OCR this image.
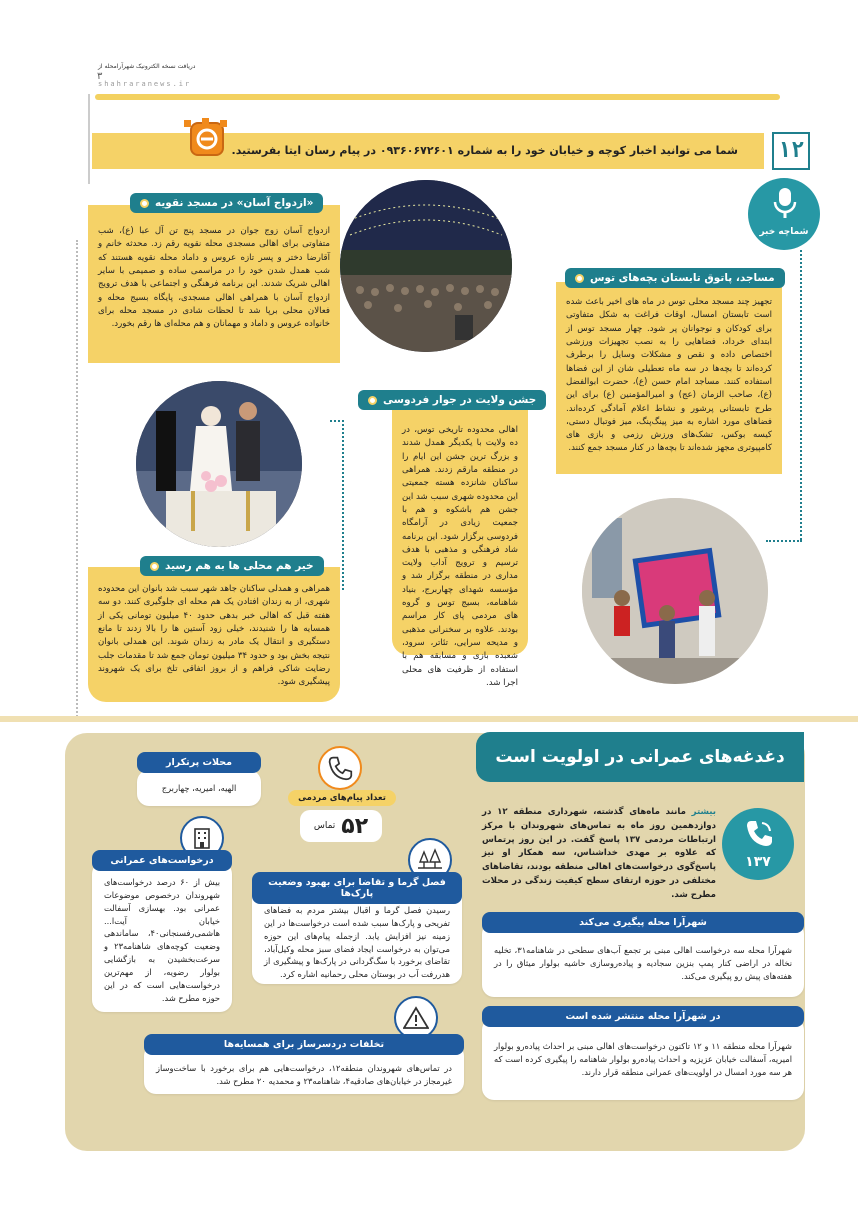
دریافت نسخه الکترونیک شهرآرامحله از
shahraranews.ir
۳
شما می توانید اخبار کوچه و خیابان خود را به شماره ۰۹۳۶۰۶۷۲۶۰۱ در پیام رسان ایتا بفرستید. ۱۲
شماچه خبر
ازدواج آسان زوج جوان در مسجد پنج تن آل عبا (ع)، شب متفاوتی برای اهالی مسجدی محله نقویه رقم زد. محدثه خانم و آقارضا دختر و پسر تازه عروس و داماد محله نقویه هستند که شب همدل شدن خود را در مراسمی ساده و صمیمی با سایر اهالی شریک شدند. این برنامه فرهنگی و اجتماعی با هدف ترویج ازدواج آسان با همراهی اهالی مسجدی، پایگاه بسیج محله و فعالان محلی برپا شد تا لحظات شادی در مسجد محله برای خانواده عروس و داماد و مهمانان و هم محله‌ای ها رقم بخورد.
«ازدواج آسان» در مسجد نقویه
تجهیز چند مسجد محلی توس در ماه های اخیر باعث شده است تابستان امسال، اوقات فراغت به شکل متفاوتی برای کودکان و نوجوانان پر شود. چهار مسجد توس از ابتدای خرداد، فضاهایی را به نصب تجهیزات ورزشی اختصاص داده و نقص و مشکلات وسایل را برطرف کرده‌اند تا بچه‌ها در سه ماه تعطیلی شان از این فضاها استفاده کنند. مساجد امام حسن (ع)، حضرت ابوالفضل (ع)، صاحب الزمان (عج) و امیرالمؤمنین (ع) برای این طرح تابستانی پرشور و نشاط اعلام آمادگی کرده‌اند. فضاهای مورد اشاره به میز پینگ‌پنگ، میز فوتبال دستی، کیسه بوکس، تشک‌های ورزش رزمی و بازی های کامپیوتری مجهز شده‌اند تا بچه‌ها در کنار مسجد جمع کنند.
مساجد، پاتوق تابستان بچه‌های توس
اهالی محدوده تاریخی توس، در ده ولایت با یکدیگر همدل شدند و بزرگ ترین جشن این ایام را در منطقه مارقم زدند. همراهی ساکنان شانزده هسته جمعیتی این محدوده شهری سبب شد این جشن هم باشکوه و هم با جمعیت زیادی در آرامگاه فردوسی برگزار شود. این برنامه شاد فرهنگی و مذهبی با هدف ترسیم و ترویج آداب ولایت مداری در منطقه برگزار شد و مؤسسه شهدای چهاربرج، بنیاد شاهنامه، بسیج توس و گروه های مردمی پای کار مراسم بودند. علاوه بر سخنرانی مذهبی و مدیحه سرایی، تئاتر، سرود، شعبده بازی و مسابقه هم با استفاده از ظرفیت های محلی اجرا شد.
جشن ولایت در جوار فردوسی
همراهی و همدلی ساکنان جاهد شهر سبب شد بانوان این محدوده شهری، از به زندان افتادن یک هم محله ای جلوگیری کنند. دو سه هفته قبل که اهالی خبر بدهی حدود ۴۰ میلیون تومانی یکی از همسایه ها را شنیدند، خیلی زود آستین ها را بالا زدند تا مانع دستگیری و انتقال یک مادر به زندان شوند. این همدلی بانوان نتیجه بخش بود و حدود ۳۴ میلیون تومان جمع شد تا مقدمات جلب رضایت شاکی فراهم و از بروز اتفاقی تلخ برای یک شهروند پیشگیری شود.
خیر هم محلی ها به هم رسید
دغدغه‌های عمرانی در اولویت است
۱۳۷
بیشتر مانند ماه‌های گذشته، شهرداری منطقه ۱۲ در دوازدهمین روز ماه به تماس‌های شهروندان با مرکز ارتباطات مردمی ۱۳۷ پاسخ گفت. در این روز پرتماس که علاوه بر مهدی خداشناس، سه همکار او نیز پاسخ‌گوی درخواست‌های اهالی منطقه بودند، تقاضاهای مختلفی در حوزه ارتقای سطح کیفیت زندگی در محلات مطرح شد.
شهرآرا محله سه درخواست اهالی مبنی بر تجمع آب‌های سطحی در شاهنامه۳۱، تخلیه نخاله در اراضی کنار پمپ بنزین سجادیه و پیاده‌روسازی حاشیه بولوار میثاق را در هفته‌های پیش رو پیگیری می‌کند.
شهرآرا محله پیگیری می‌کند
شهرآرا محله منطقه ۱۱ و ۱۲ تاکنون درخواست‌های اهالی مبنی بر احداث پیاده‌رو بولوار امیریه، آسفالت خیابان عزیزیه و احداث پیاده‌رو بولوار شاهنامه را پیگیری کرده است که هر سه مورد امسال در اولویت‌های عمرانی منطقه قرار دارند.
در شهرآرا محله منتشر شده است
الهیه، امیریه، چهاربرج
محلات پرتکرار
تعداد پیام‌های مردمی
۵۲
تماس
بیش از ۶۰ درصد درخواست‌های شهروندان درخصوص موضوعات عمرانی بود. بهسازی آسفالت خیابان آیت‌ا... هاشمی‌رفسنجانی۴۰، ساماندهی وضعیت کوچه‌های شاهنامه۲۳ و سرعت‌بخشیدن به بازگشایی بولوار رضویه، از مهم‌ترین درخواست‌هایی است که در این حوزه مطرح شد.
درخواست‌های عمرانی
رسیدن فصل گرما و اقبال بیشتر مردم به فضاهای تفریحی و پارک‌ها سبب شده است درخواست‌ها در این زمینه نیز افزایش یابد. ازجمله پیام‌های این حوزه می‌توان به درخواست ایجاد فضای سبز محله وکیل‌آباد، تقاضای برخورد با سگ‌گردانی در پارک‌ها و پیشگیری از هدررفت آب در بوستان محلی رحمانیه اشاره کرد.
فصل گرما و تقاضا برای بهبود وضعیت پارک‌ها
در تماس‌های شهروندان منطقه۱۲، درخواست‌هایی هم برای برخورد با ساخت‌وساز غیرمجاز در خیابان‌های صادقیه۴، شاهنامه۲۳ و محمدیه ۲۰ مطرح شد.
تخلفات دردسرساز برای همسایه‌ها
